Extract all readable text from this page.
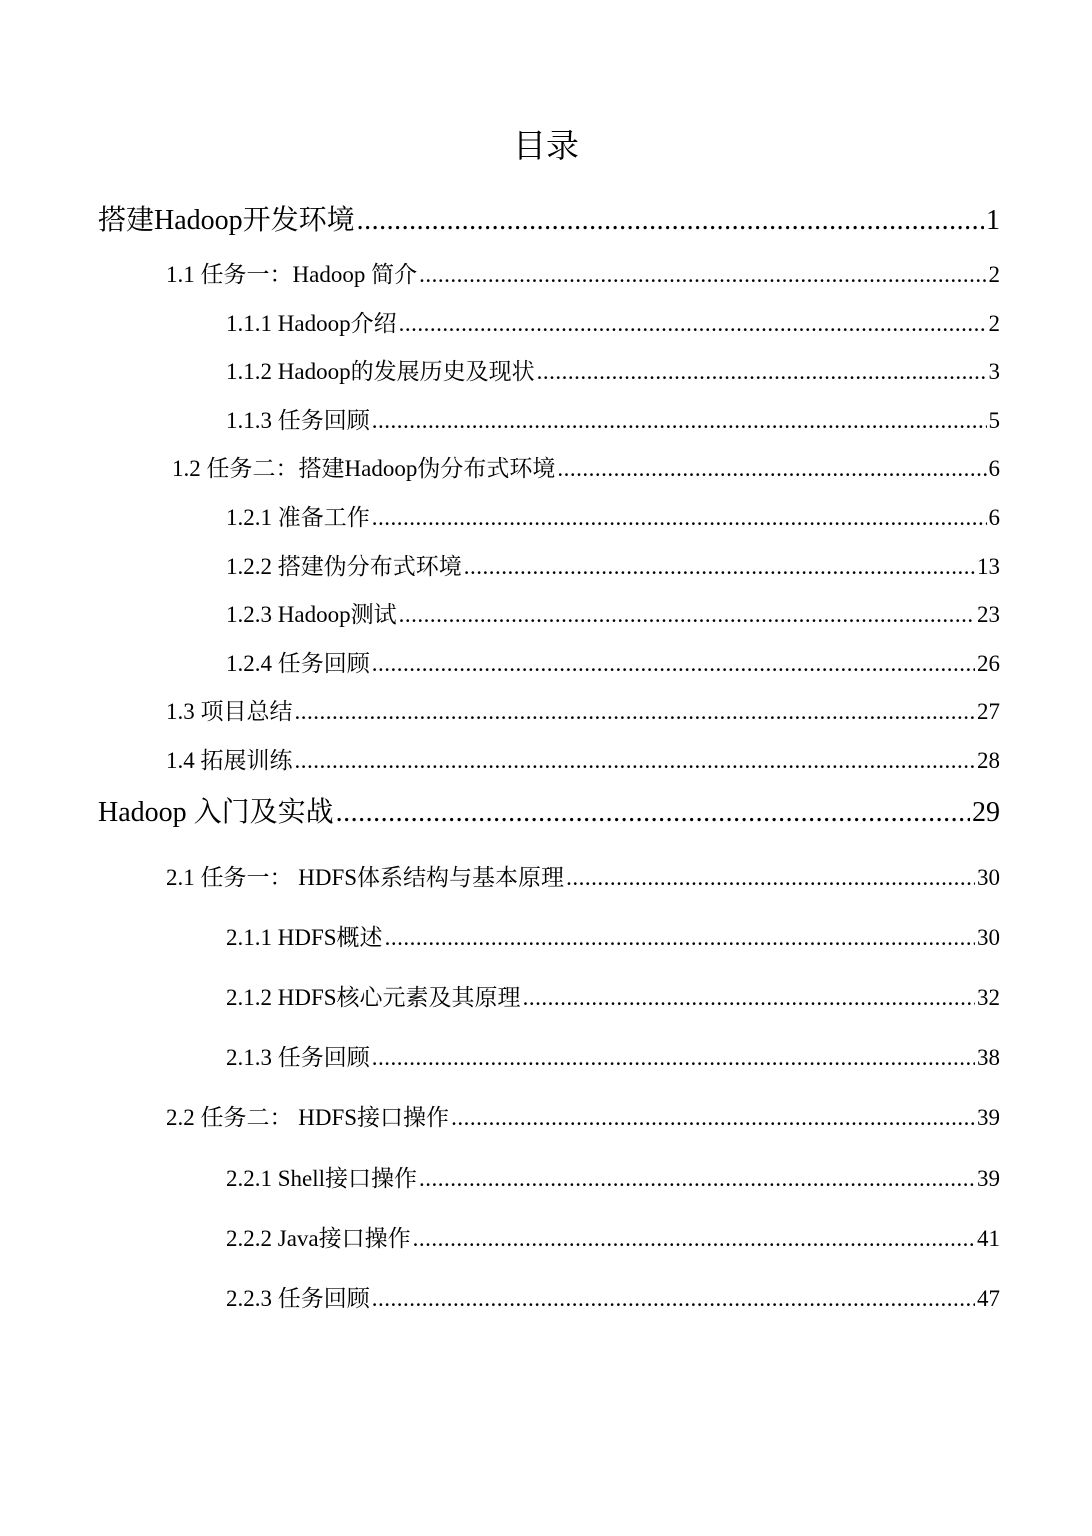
目录
搭建Hadoop开发环境 .....	1
1.1 任务一：Hadoop 简介 .....	2
1.1.1 Hadoop介绍 .....	2
1.1.2 Hadoop的发展历史及现状 .....	3
1.1.3 任务回顾 .....	5
1.2 任务二：搭建Hadoop伪分布式环境 .....	6
1.2.1 准备工作 .....	6
1.2.2 搭建伪分布式环境 .....	13
1.2.3 Hadoop测试 .....	23
1.2.4 任务回顾 .....	26
1.3 项目总结 .....	27
1.4 拓展训练 .....	28
Hadoop 入门及实战 .....	29
2.1 任务一： HDFS体系结构与基本原理 .....	30
2.1.1 HDFS概述 .....	30
2.1.2 HDFS核心元素及其原理 .....	32
2.1.3 任务回顾 .....	38
2.2 任务二： HDFS接口操作 .....	39
2.2.1 Shell接口操作 .....	39
2.2.2 Java接口操作 .....	41
2.2.3 任务回顾 .....	47
